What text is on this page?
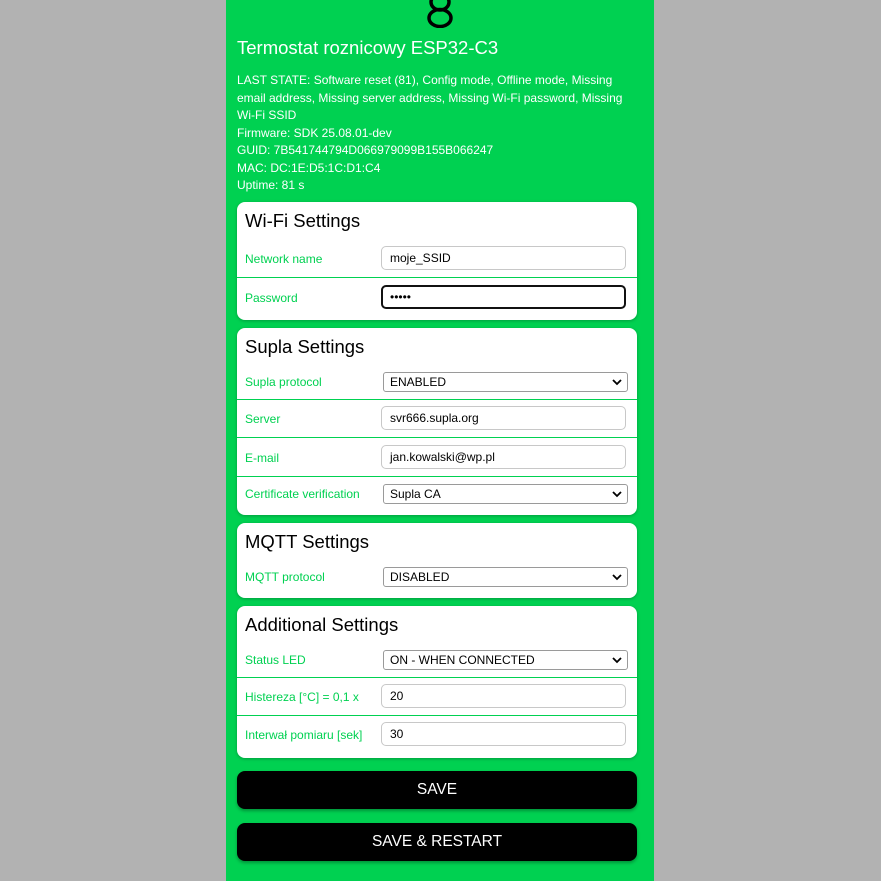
Termostat roznicowy ESP32-C3
LAST STATE: Software reset (81), Config mode, Offline mode, Missing email address, Missing server address, Missing Wi-Fi password, Missing Wi-Fi SSID
Firmware: SDK 25.08.01-dev
GUID: 7B541744794D066979099B155B066247
MAC: DC:1E:D5:1C:D1:C4
Uptime: 81 s
Wi-Fi Settings
Network name	moje_SSID
Password	•••••
Supla Settings
Supla protocol	ENABLED
Server	svr666.supla.org
E-mail	jan.kowalski@wp.pl
Certificate verification	Supla CA
MQTT Settings
MQTT protocol	DISABLED
Additional Settings
Status LED	ON - WHEN CONNECTED
Histereza [°C] = 0,1 x	20
Interwał pomiaru [sek]	30
SAVE
SAVE & RESTART
